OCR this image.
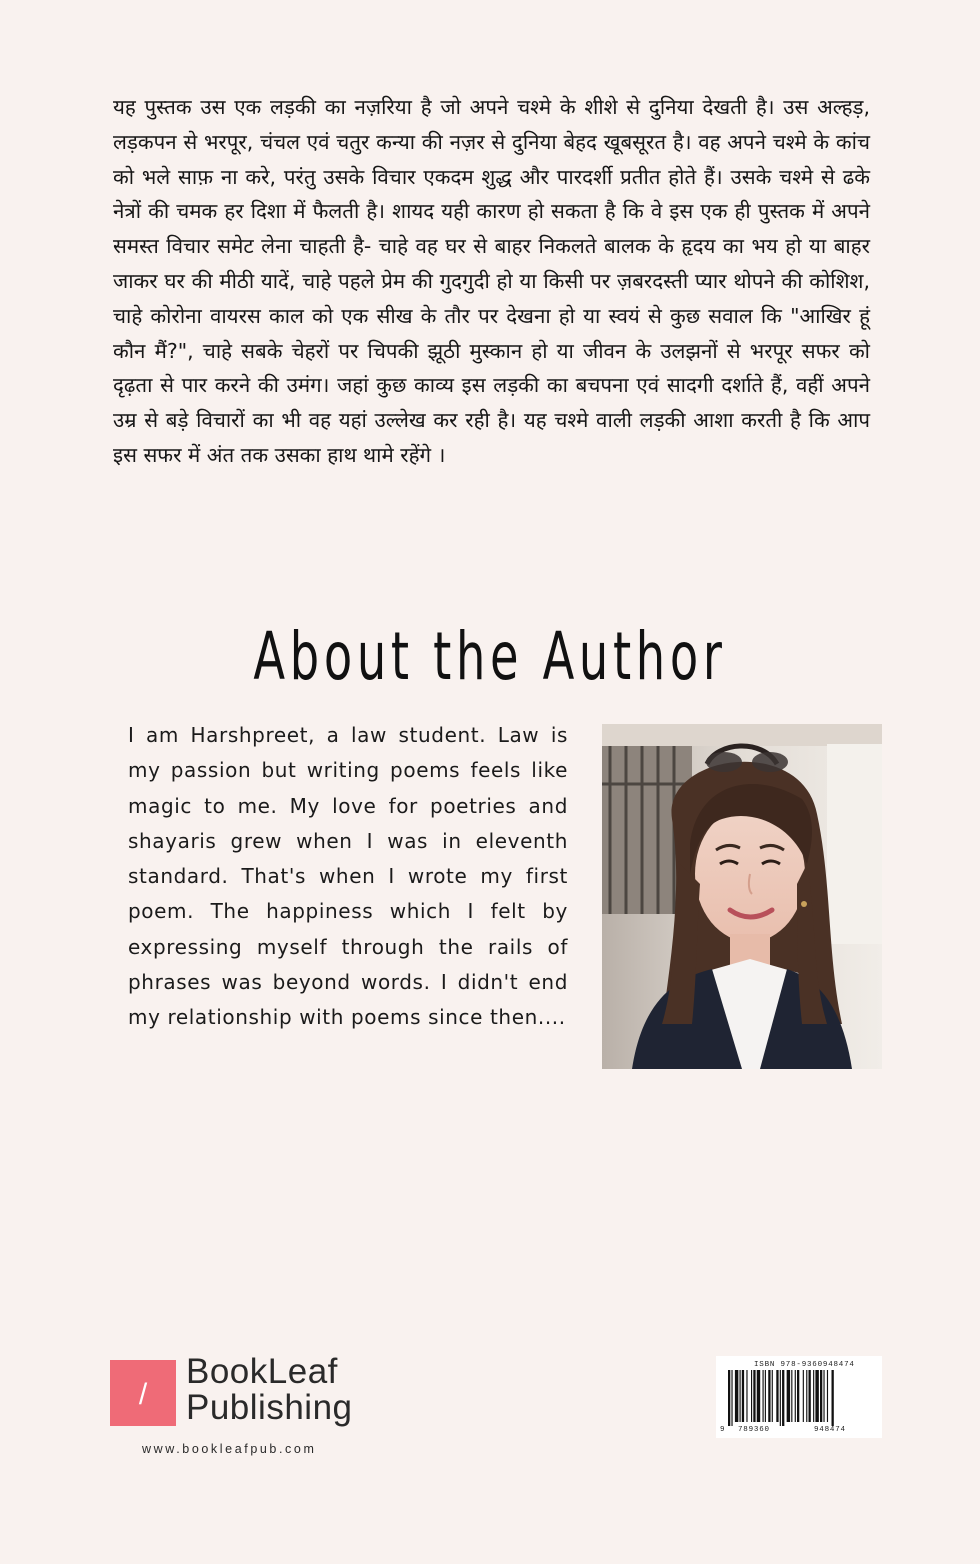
यह पुस्तक उस एक लड़की का नज़रिया है जो अपने चश्मे के शीशे से दुनिया देखती है। उस अल्हड़, लड़कपन से भरपूर, चंचल एवं चतुर कन्या की नज़र से दुनिया बेहद खूबसूरत है। वह अपने चश्मे के कांच को भले साफ़ ना करे, परंतु उसके विचार एकदम शुद्ध और पारदर्शी प्रतीत होते हैं। उसके चश्मे से ढके नेत्रों की चमक हर दिशा में फैलती है। शायद यही कारण हो सकता है कि वे इस एक ही पुस्तक में अपने समस्त विचार समेट लेना चाहती है- चाहे वह घर से बाहर निकलते बालक के हृदय का भय हो या बाहर जाकर घर की मीठी यादें, चाहे पहले प्रेम की गुदगुदी हो या किसी पर ज़बरदस्ती प्यार थोपने की कोशिश, चाहे कोरोना वायरस काल को एक सीख के तौर पर देखना हो या स्वयं से कुछ सवाल कि "आखिर हूं कौन मैं?", चाहे सबके चेहरों पर चिपकी झूठी मुस्कान हो या जीवन के उलझनों से भरपूर सफर को दृढ़ता से पार करने की उमंग। जहां कुछ काव्य इस लड़की का बचपना एवं सादगी दर्शाते हैं, वहीं अपने उम्र से बड़े विचारों का भी वह यहां उल्लेख कर रही है। यह चश्मे वाली लड़की आशा करती है कि आप इस सफर में अंत तक उसका हाथ थामे रहेंगे ।

About the Author

I am Harshpreet, a law student. Law is my passion but writing poems feels like magic to me. My love for poetries and shayaris grew when I was in eleventh standard. That's when I wrote my first poem. The happiness which I felt by expressing myself through the rails of phrases was beyond words. I didn't end my relationship with poems since then....

/
BookLeaf
Publishing
www.bookleafpub.com
ISBN 978-9360948474
9 789360	948474
